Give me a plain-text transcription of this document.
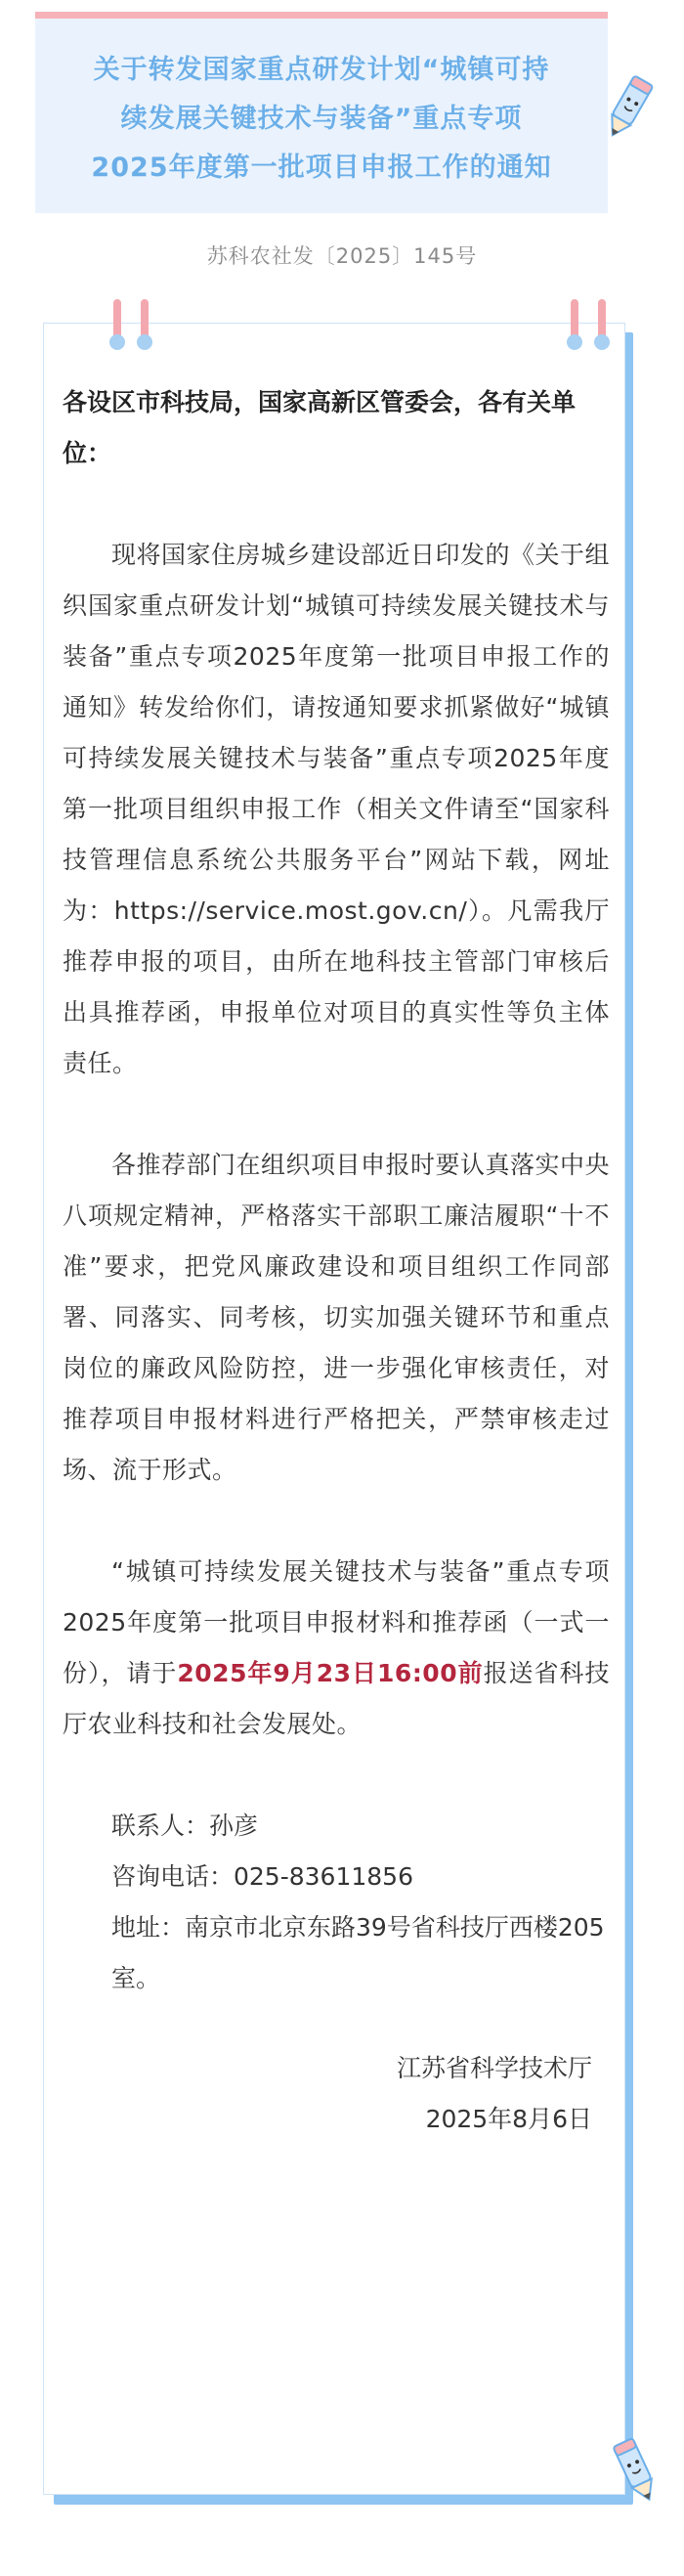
关于转发国家重点研发计划“城镇可持
续发展关键技术与装备”重点专项
2025年度第一批项目申报工作的通知
苏科农社发〔2025〕145号
各设区市科技局，国家高新区管委会，各有关单位：
现将国家住房城乡建设部近日印发的《关于组织国家重点研发计划“城镇可持续发展关键技术与装备”重点专项2025年度第一批项目申报工作的通知》转发给你们，请按通知要求抓紧做好“城镇可持续发展关键技术与装备”重点专项2025年度第一批项目组织申报工作（相关文件请至“国家科技管理信息系统公共服务平台”网站下载，网址为：https://service.most.gov.cn/）。凡需我厅推荐申报的项目，由所在地科技主管部门审核后出具推荐函，申报单位对项目的真实性等负主体责任。
各推荐部门在组织项目申报时要认真落实中央八项规定精神，严格落实干部职工廉洁履职“十不准”要求，把党风廉政建设和项目组织工作同部署、同落实、同考核，切实加强关键环节和重点岗位的廉政风险防控，进一步强化审核责任，对推荐项目申报材料进行严格把关，严禁审核走过场、流于形式。
“城镇可持续发展关键技术与装备”重点专项2025年度第一批项目申报材料和推荐函（一式一份），请于2025年9月23日16:00前报送省科技厅农业科技和社会发展处。
联系人：孙彦
咨询电话：025-83611856
地址：南京市北京东路39号省科技厅西楼205室。
江苏省科学技术厅
2025年8月6日
